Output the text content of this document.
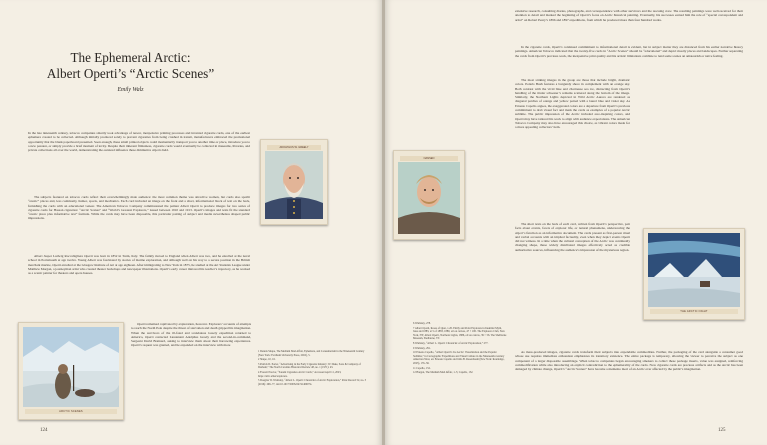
The Ephemeral Arctic:
Albert Operti’s “Arctic Scenes”
Emily Walz

In the late nineteenth century, tobacco companies smartly took advantage of newer, inexpensive printing processes and invented cigarette cards, one of the earliest ephemera created to be collected. Although initially produced solely to prevent cigarettes from being crushed in transit, manufacturers embraced the promotional opportunity that the blank paperboard presented. Soon enough, these small printed objects could momentarily transport you to another time or place, introduce you to a new passion, or simply provide a brief moment of levity. Despite their inherent flimsiness, cigarette cards would eventually be collected in museums, libraries, and private collections all over the world, demonstrating the outsized influence these diminutive objects held.

The subjects featured on tobacco cards reflect their overwhelmingly male audience: the most common theme was attractive women, but cards also spotlit “exotic” places and, less commonly, humor, sports, and mechanics. Each card included an image on the front and a short, informational block of text on the back, furnishing the cards with an educational veneer. The American Tobacco Company commissioned the painter Albert Operti to produce images for two series of cigarette cards for Hassan cigarettes: “Arctic Scenes” and “World’s Greatest Explorers,” issued between 1910 and 1913. Operti’s images and texts fit the standard “exotic place plus informative text” formula. While the cards may have been disposable, this particular pairing of subject and media nevertheless shaped public impressions.

Albert Jasper Ludwig Roccabigliera Operti was born in 1852 in Turin, Italy. The family moved to England when Albert was two, and he enrolled at the naval school in Portsmouth at age twelve. Young Albert was fascinated by stories of marine exploration, and although well on his way to a secure position in the British merchant marine, Operti enrolled at the Glasgow Institute of Art at age eighteen. After immigrating to New York in 1875, he studied at the Art Students League under Matthew Morgan, a journeyman artist who created theater backdrops and newspaper illustrations. Operti’s early career mirrored his teacher’s trajectory, as he worked as a scenic painter for theaters and opera houses.

Operti remained captivated by exploration, however. Explorers’ accounts of attempts to reach the North Pole despite the threat of starvation and death gripped his imagination. When the survivors of the ill-fated and scandalous Greely expedition returned to America, Operti contacted Lieutenant Adolphus Greely and the second-in-command, Sergeant David Brainard, asking to interview them about their harrowing experiences. Operti’s request was granted, and he expanded on the interview with more

1 Dennis Shupe, The Medium Mad Affair, Ephemera, and Consumerism in the Nineteenth Century (New York: Fordham University Press, 2016), 5.

2 Shupe, 10, 16.

3 Patrick D. Porter, “Advertising in the Early Cigarette Industry: W. Duke, Sons & Company of Durham,” The North Carolina Historical Review 48, no. 1 (1971): 43.

4 Everett Proctor, “Sanam Cigarettes Arctic Cards,” Accessed April 11, 2023, https://artic.elder/explorers.

5 Douglas W. Wamsley, “Albert L. Operti: Chronicler of Arctic Exploration,” Polar Record 52, no. 3 (2016): 296–77, doi:10.1017/S003224741400074.

ADOLPHUS W. GREELY
ARCTIC SCENES
124

extensive research, consulting diaries, photographs, and correspondence with other survivors and the rescuing crew. The resulting paintings were well-received for their attention to detail and marked the beginning of Operti’s focus on Arctic historical painting. Eventually, his successes earned him the role of “special correspondent and artist” on Robert Peary’s 1896 and 1897 expeditions, from which he produced more than four hundred works.

In the cigarette cards, Operti’s continued commitment to informational detail is evident, but in subject matter they are distanced from his earlier narrative history paintings. American Tobacco indicated that the twenty-five cards in “Arctic Scenes” should be “educational” and depict mostly places and landscapes. Further separating the cards from Operti’s previous work, the inexpensive print quality and his artistic limitations combine to lend some scenes an amateurish or naive feeling.

The most striking images in the group are those that include bright, dramatic colors. Polaris Bush features a burgundy shore in complement with an orange sky. Both contrast with the vivid blue and chartreuse sea ice, distracting from Operti’s handling of the titular schooner’s remains scattered along the bottom of the image. Similarly, the Northern Lights depicted in Wild Arctic Aurora are rendered as diagonal patches of orange and yellow paired with a laurel blue and violet sky. As Ernesto Capello argues, the exaggerated colors are a departure from Operti’s previous commitment to drab visual fact and mark the cards as examples of a popular Arctic sublime. The public impression of the Arctic included awe-inspiring colors, and Operti may have tailored his work to align with audience expectations. The American Tobacco Company may also have encouraged this choice, as vibrant colors made for a more appealing collectors’ item.

The short texts on the back of each card, written from Operti’s perspective, pair facts about events, facets of explorer life, or natural phenomena, underscoring the object’s function as an informative document. The cards present as first-person ritual and verbal accounts with an implied factuality, even when they depict events Operti did not witness. In a time when the cultural conception of the Arctic was continually changing shape, these widely distributed images effectively acted as credible authoritative sources, influencing the audience’s impression of the mysterious region.

As mass-produced images, cigarette cards transform their subjects into expendable commodities. Further, the packaging of the card alongside a consumer good whose use requires immediate exhaustion emphasizes its transitory existence. The entire package is temporary, allowing the viewer to perceive the subject as one component of a larger disposable assemblage. When tobacco companies began encouraging smokers to collect these package inserts, value was assigned, reinforcing commodification while also introducing an explicit contradiction to the ephemerality of the cards. Now cigarette cards are precious artifacts and as the Arctic has been damaged by climate change, Operti’s “Arctic Scenes” have become a memento mori of an Arctic ever affected by the public’s imagination.

6 Wamsley, 278.

7 Albert Operti, Roses of Quar, 1.20. Emily and Polar Explorers in Inuktitut Myth, June and 1883, at 5 of 1883, 1880, oil on canvas, 47 × 100. The Explorers Club, New York, NY; Albert Operti, Northern Lights, 1886, oil on canvas, 39 × 56. The Shelburne Museum, Shelburne, VT.

8 Wamsley, “Albert L. Operti: Chronicler of Arctic Exploration,” 277.

9 Wamsley, 291.

10 Ernesto Capello, “Albert Operti’s Ice Arctic: Visualization and the Popular Sublime,” in Cartographic Expeditions and Visual Culture in the Nineteenth-Century American West, ed. Ernesto Capello and Julia B. Rosenbaum (New York: Routledge, 2023), 135–36.

11 Capello, 152.

12 Hargen, The Medium Mad Affair, 1–5; Capello, 152.

NANSEN
THE ARCTIC NIGHT
125
